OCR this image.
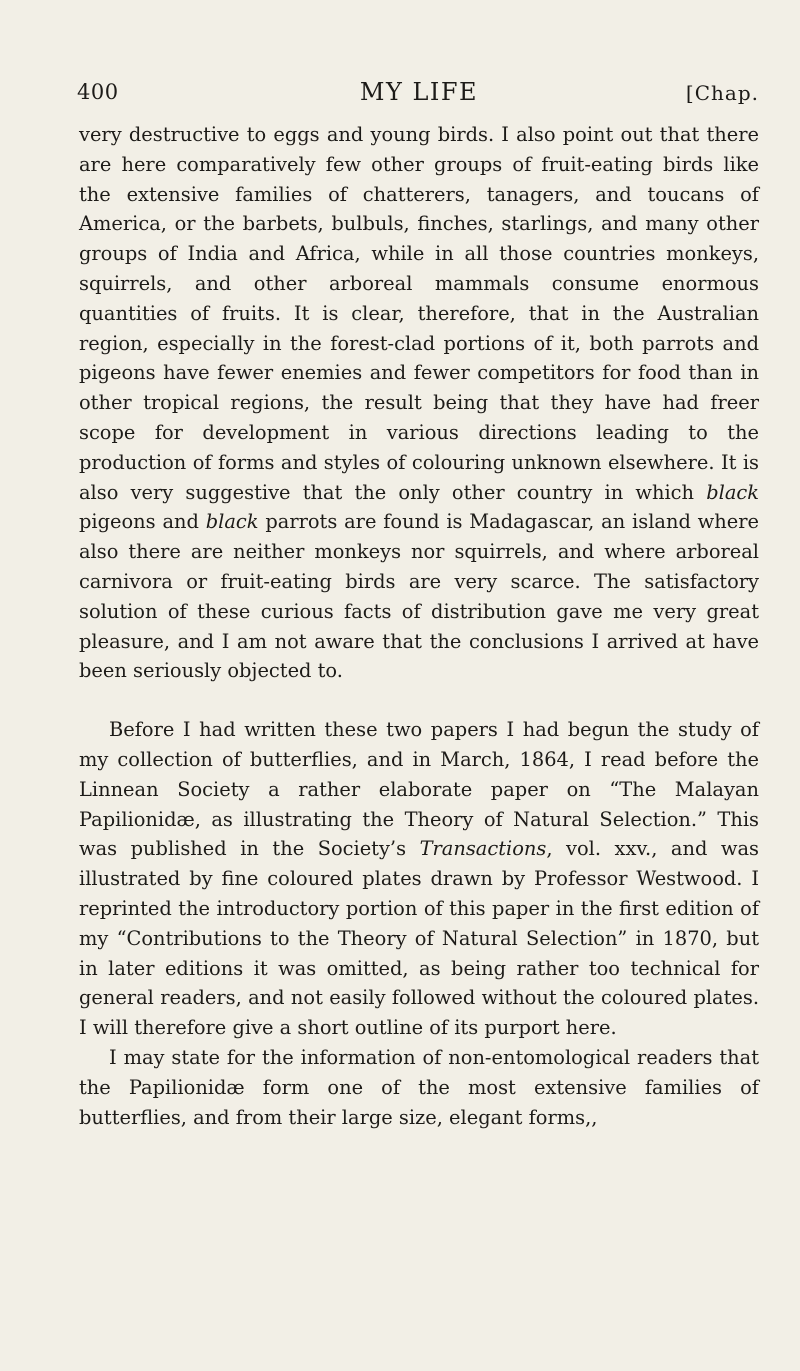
400	MY LIFE	[Chap.

very destructive to eggs and young birds. I also point out that there are here comparatively few other groups of fruit-eating birds like the extensive families of chatterers, tanagers, and toucans of America, or the barbets, bulbuls, finches, starlings, and many other groups of India and Africa, while in all those countries monkeys, squirrels, and other arboreal mammals consume enormous quantities of fruits. It is clear, therefore, that in the Australian region, especially in the forest-clad portions of it, both parrots and pigeons have fewer enemies and fewer competitors for food than in other tropical regions, the result being that they have had freer scope for development in various directions leading to the production of forms and styles of colouring unknown elsewhere. It is also very suggestive that the only other country in which black pigeons and black parrots are found is Madagascar, an island where also there are neither monkeys nor squirrels, and where arboreal carnivora or fruit-eating birds are very scarce. The satisfactory solution of these curious facts of distribution gave me very great pleasure, and I am not aware that the conclusions I arrived at have been seriously objected to.

Before I had written these two papers I had begun the study of my collection of butterflies, and in March, 1864, I read before the Linnean Society a rather elaborate paper on “The Malayan Papilionidæ, as illustrating the Theory of Natural Selection.” This was published in the Society’s Transactions, vol. xxv., and was illustrated by fine coloured plates drawn by Professor Westwood. I reprinted the introductory portion of this paper in the first edition of my “Contributions to the Theory of Natural Selection” in 1870, but in later editions it was omitted, as being rather too technical for general readers, and not easily followed without the coloured plates. I will therefore give a short outline of its purport here.

I may state for the information of non-entomological readers that the Papilionidæ form one of the most extensive families of butterflies, and from their large size, elegant forms,,
